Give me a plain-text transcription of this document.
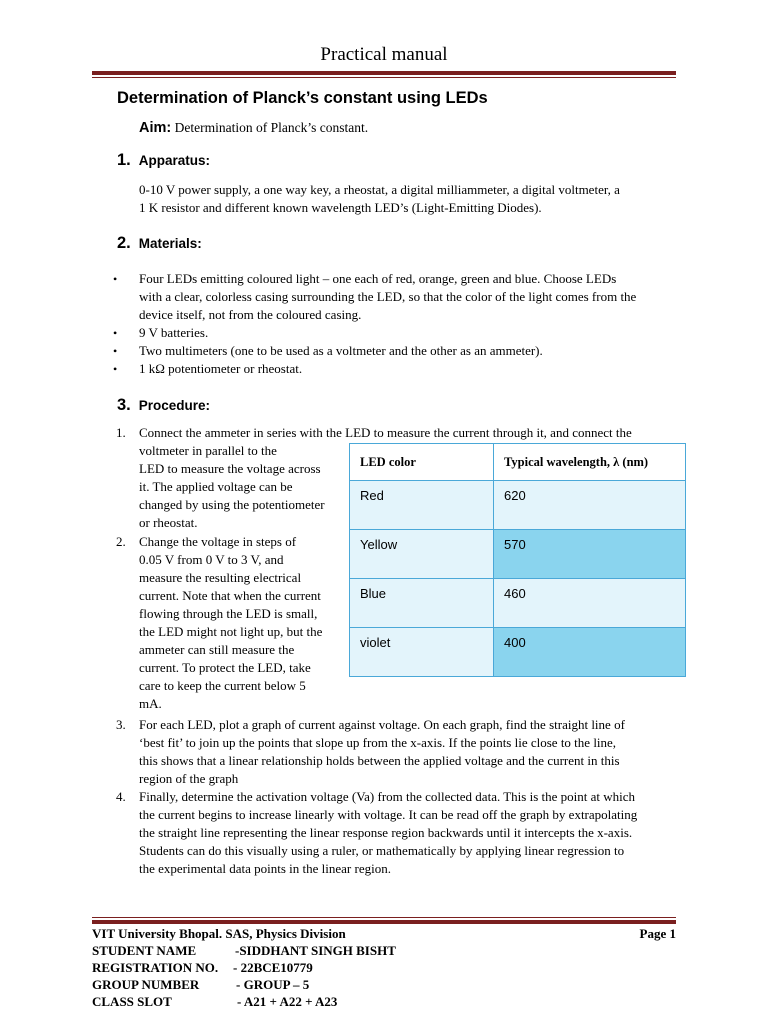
Practical manual
Determination of Planck’s constant using LEDs
Aim: Determination of Planck’s constant.
1. Apparatus:
0-10 V power supply, a one way key, a rheostat, a digital milliammeter, a digital voltmeter, a
1 K resistor and different known wavelength LED’s (Light-Emitting Diodes).
2. Materials:
• Four LEDs emitting coloured light – one each of red, orange, green and blue. Choose LEDs
with a clear, colorless casing surrounding the LED, so that the color of the light comes from the
device itself, not from the coloured casing.
• 9 V batteries.
• Two multimeters (one to be used as a voltmeter and the other as an ammeter).
• 1 kΩ potentiometer or rheostat.
3. Procedure:
1. Connect the ammeter in series with the LED to measure the current through it, and connect the
voltmeter in parallel to the
LED to measure the voltage across
it. The applied voltage can be
changed by using the potentiometer
or rheostat.
2. Change the voltage in steps of
0.05 V from 0 V to 3 V, and
measure the resulting electrical
current. Note that when the current
flowing through the LED is small,
the LED might not light up, but the
ammeter can still measure the
current. To protect the LED, take
care to keep the current below 5
mA.
LED color	Typical wavelength, λ (nm)
Red	620
Yellow	570
Blue	460
violet	400
3. For each LED, plot a graph of current against voltage. On each graph, find the straight line of
‘best fit’ to join up the points that slope up from the x-axis. If the points lie close to the line,
this shows that a linear relationship holds between the applied voltage and the current in this
region of the graph
4. Finally, determine the activation voltage (Va) from the collected data. This is the point at which
the current begins to increase linearly with voltage. It can be read off the graph by extrapolating
the straight line representing the linear response region backwards until it intercepts the x-axis.
Students can do this visually using a ruler, or mathematically by applying linear regression to
the experimental data points in the linear region.
VIT University Bhopal. SAS, Physics Division	Page 1
STUDENT NAME	-SIDDHANT SINGH BISHT
REGISTRATION NO. - 22BCE10779
GROUP NUMBER	- GROUP – 5
CLASS SLOT	- A21 + A22 + A23
